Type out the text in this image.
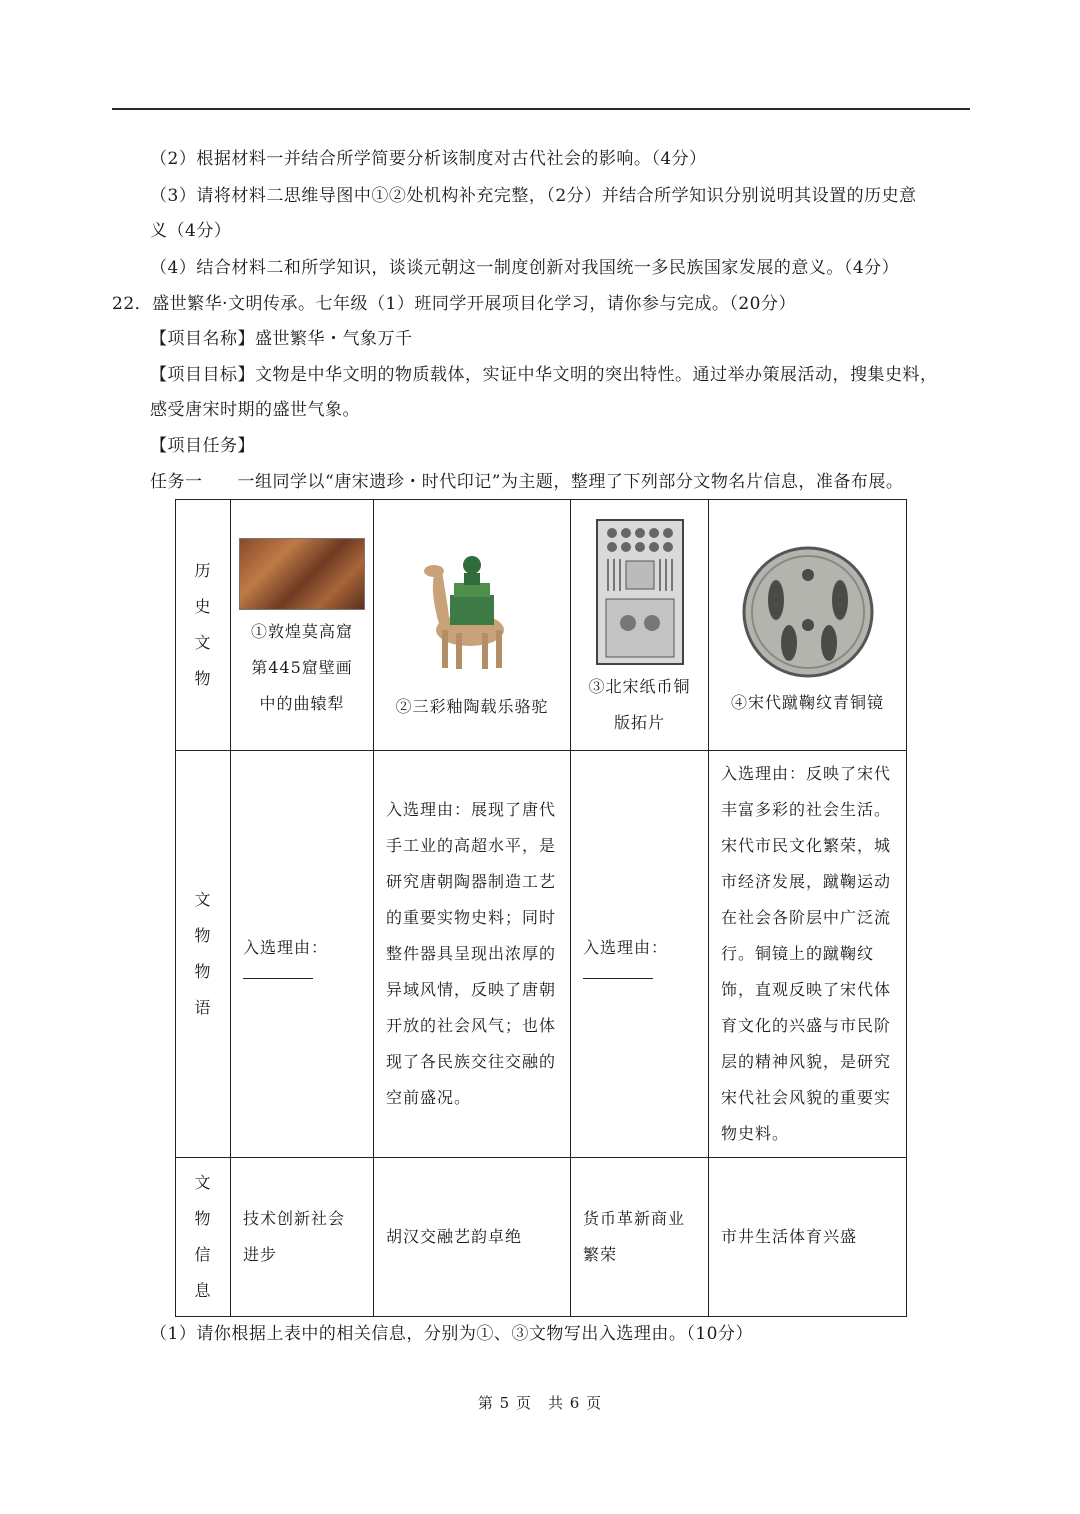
（2）根据材料一并结合所学简要分析该制度对古代社会的影响。（4分）
（3）请将材料二思维导图中①②处机构补充完整，（2分）并结合所学知识分别说明其设置的历史意
义（4分）
（4）结合材料二和所学知识，谈谈元朝这一制度创新对我国统一多民族国家发展的意义。（4分）
22．盛世繁华·文明传承。七年级（1）班同学开展项目化学习，请你参与完成。（20分）
【项目名称】盛世繁华・气象万千
【项目目标】文物是中华文明的物质载体，实证中华文明的突出特性。通过举办策展活动，搜集史料，
感受唐宋时期的盛世气象。
【项目任务】
任务一　　一组同学以“唐宋遗珍・时代印记”为主题，整理了下列部分文物名片信息，准备布展。
历
史
文
物	①敦煌莫高窟
第445窟壁画
中的曲辕犁	②三彩釉陶载乐骆驼	③北宋纸币铜
版拓片	④宋代蹴鞠纹青铜镜

文
物
物
语	入选理由：	入选理由：展现了唐代手工业的高超水平，是研究唐朝陶器制造工艺的重要实物史料；同时整件器具呈现出浓厚的异域风情，反映了唐朝开放的社会风气；也体现了各民族交往交融的空前盛况。	入选理由：	入选理由：反映了宋代丰富多彩的社会生活。宋代市民文化繁荣，城市经济发展，蹴鞠运动在社会各阶层中广泛流行。铜镜上的蹴鞠纹饰，直观反映了宋代体育文化的兴盛与市民阶层的精神风貌，是研究宋代社会风貌的重要实物史料。

文
物
信
息	技术创新社会进步	胡汉交融艺韵卓绝	货币革新商业繁荣	市井生活体育兴盛
（1）请你根据上表中的相关信息，分别为①、③文物写出入选理由。（10分）
第 5 页　共 6 页
